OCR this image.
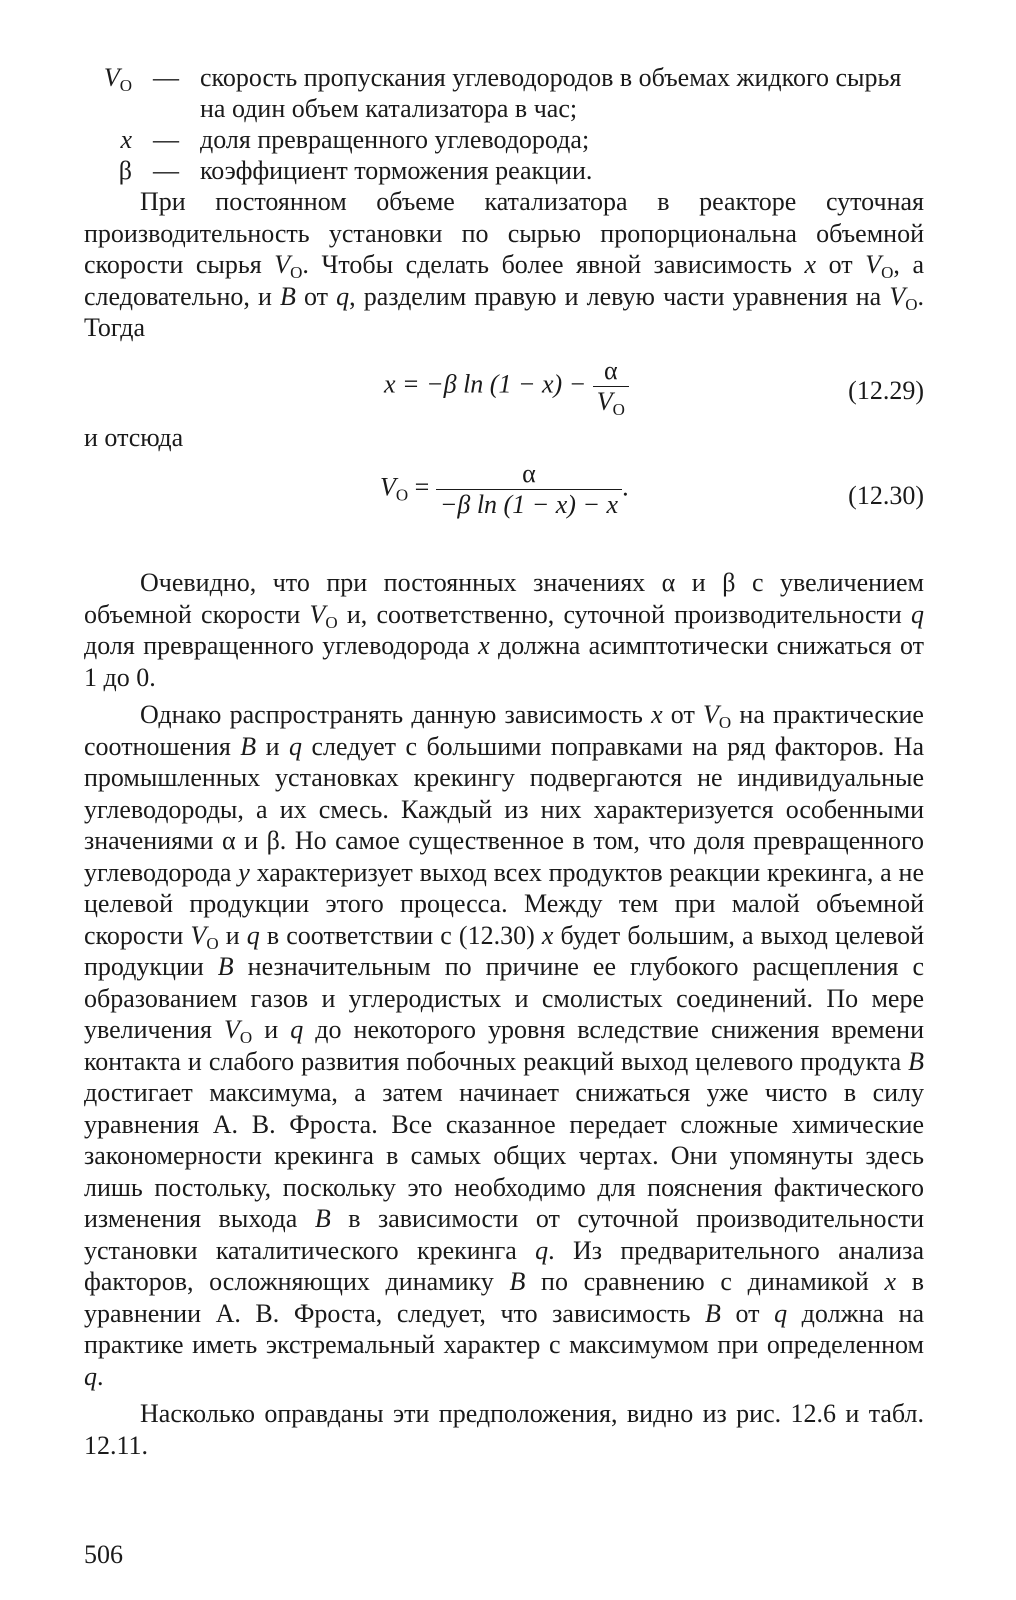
$V_O$ — скорость пропускания углеводородов в объемах жидкого сырья на один объем катализатора в час;
x — доля превращенного углеводорода;
β — коэффициент торможения реакции.

При постоянном объеме катализатора в реакторе суточная производительность установки по сырью пропорциональна объемной скорости сырья $V_O$. Чтобы сделать более явной зависимость x от $V_O$, а следовательно, и B от q, разделим правую и левую части уравнения на $V_O$. Тогда

x = −β $\ln (1 - x) - \frac{\alpha}{V_O}$	(12.29)

и отсюда

$V_O = \frac{\alpha}{\text{−β ln (1 − x) − x}}$ .	(12.30)

Очевидно, что при постоянных значениях α и β с увеличением объемной скорости $V_O$ и, соответственно, суточной производительности q доля превращенного углеводорода x должна асимптотически снижаться от 1 до 0.

Однако распространять данную зависимость x от $V_O$ на практические соотношения B и q следует с большими поправками на ряд факторов. На промышленных установках крекингу подвергаются не индивидуальные углеводороды, а их смесь. Каждый из них характеризуется особенными значениями α и β. Но самое существенное в том, что доля превращенного углеводорода y характеризует выход всех продуктов реакции крекинга, а не целевой продукции этого процесса. Между тем при малой объемной скорости $V_O$ и q в соответствии с (12.30) x будет большим, а выход целевой продукции B незначительным по причине ее глубокого расщепления с образованием газов и углеродистых и смолистых соединений. По мере увеличения $V_O$ и q до некоторого уровня вследствие снижения времени контакта и слабого развития побочных реакций выход целевого продукта B достигает максимума, а затем начинает снижаться уже чисто в силу уравнения А. В. Фроста. Все сказанное передает сложные химические закономерности крекинга в самых общих чертах. Они упомянуты здесь лишь постольку, поскольку это необходимо для пояснения фактического изменения выхода B в зависимости от суточной производительности установки каталитического крекинга q. Из предварительного анализа факторов, осложняющих динамику B по сравнению с динамикой x в уравнении А. В. Фроста, следует, что зависимость B от q должна на практике иметь экстремальный характер с максимумом при определенном q.

Насколько оправданы эти предположения, видно из рис. 12.6 и табл. 12.11.

506
